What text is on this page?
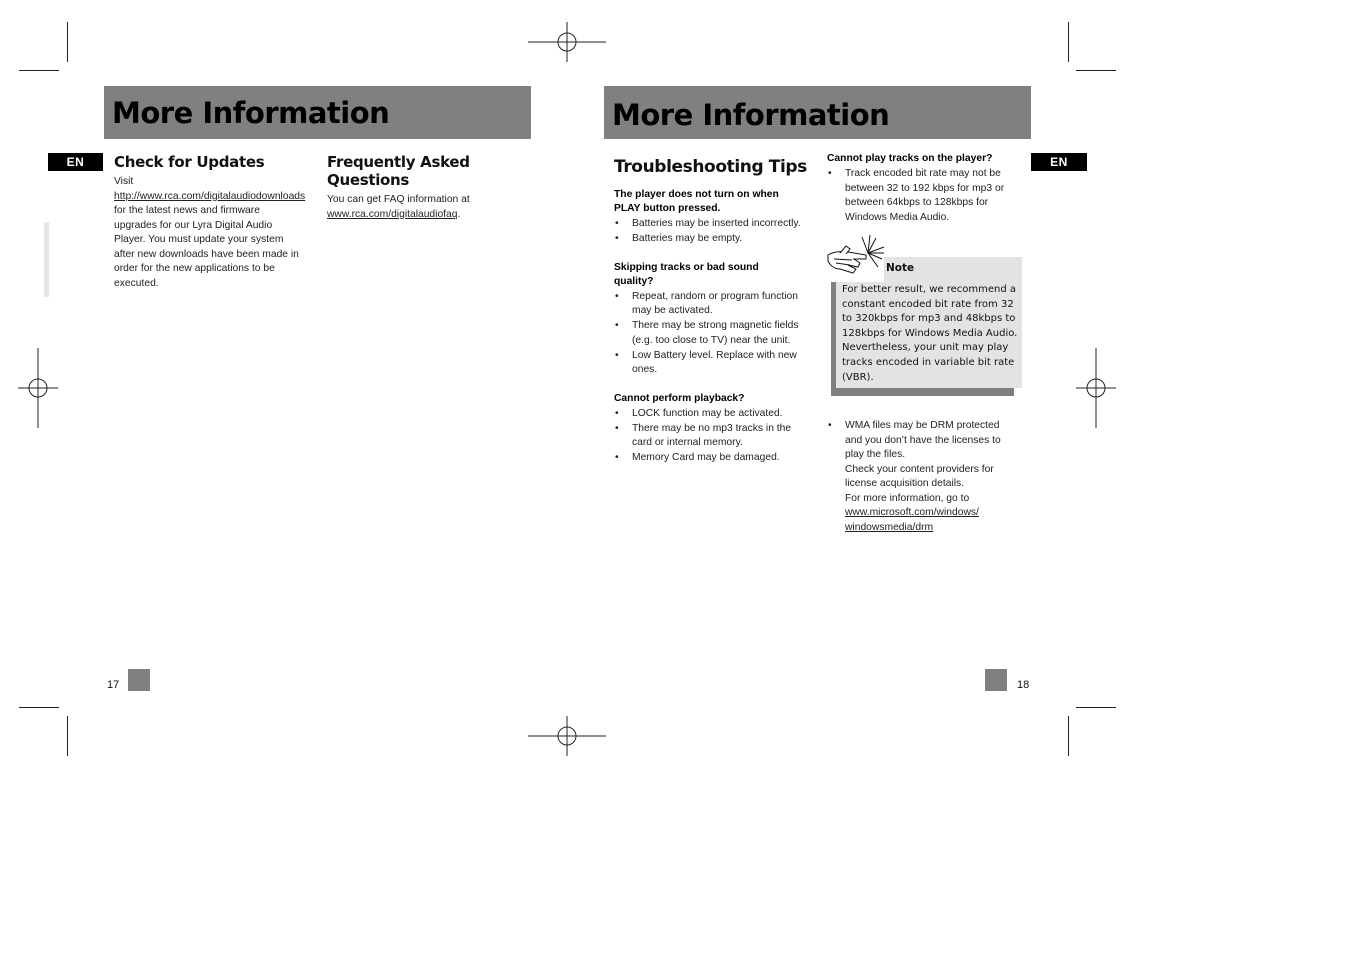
More Information
EN	Check for Updates
Visit
http://www.rca.com/digitalaudiodownloads
for the latest news and firmware
upgrades for our Lyra Digital Audio
Player. You must update your system
after new downloads have been made in
order for the new applications to be
executed.
Frequently Asked Questions
You can get FAQ information at
www.rca.com/digitalaudiofaq.
17
More Information
EN
Troubleshooting Tips
The player does not turn on when
PLAY button pressed.
• Batteries may be inserted incorrectly.
• Batteries may be empty.
Skipping tracks or bad sound
quality?
• Repeat, random or program function
may be activated.
• There may be strong magnetic fields
(e.g. too close to TV) near the unit.
• Low Battery level. Replace with new
ones.
Cannot perform playback?
• LOCK function may be activated.
• There may be no mp3 tracks in the
card or internal memory.
• Memory Card may be damaged.
Cannot play tracks on the player?
• Track encoded bit rate may not be
between 32 to 192 kbps for mp3 or
between 64kbps to 128kbps for
Windows Media Audio.
Note
For better result, we recommend a
constant encoded bit rate from 32
to 320kbps for mp3 and 48kbps to
128kbps for Windows Media Audio.
Nevertheless, your unit may play
tracks encoded in variable bit rate
(VBR).
• WMA files may be DRM protected
and you don’t have the licenses to
play the files.
Check your content providers for
license acquisition details.
For more information, go to
www.microsoft.com/windows/
windowsmedia/drm
18
